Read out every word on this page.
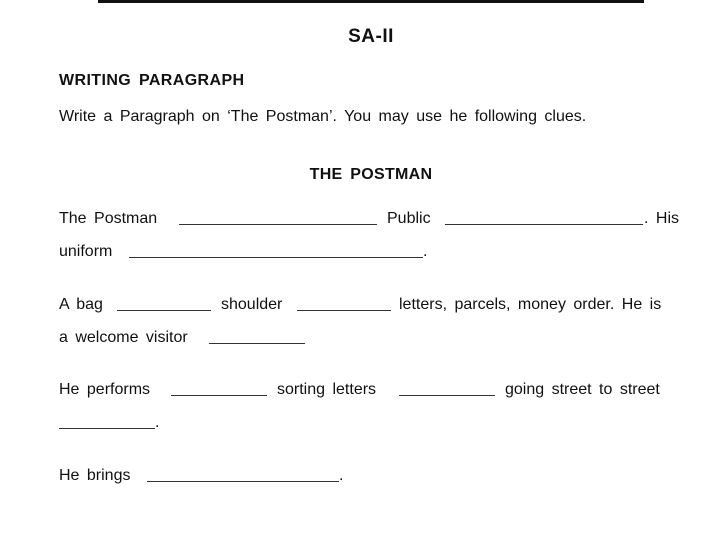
SA-II
WRITING PARAGRAPH
Write a Paragraph on ‘The Postman’. You may use he following clues.
THE POSTMAN
The Postman	Public	. His
uniform	.
A bag	shoulder	letters, parcels, money order. He is
a welcome visitor
He performs	sorting letters	going street to street
.
He brings	.
